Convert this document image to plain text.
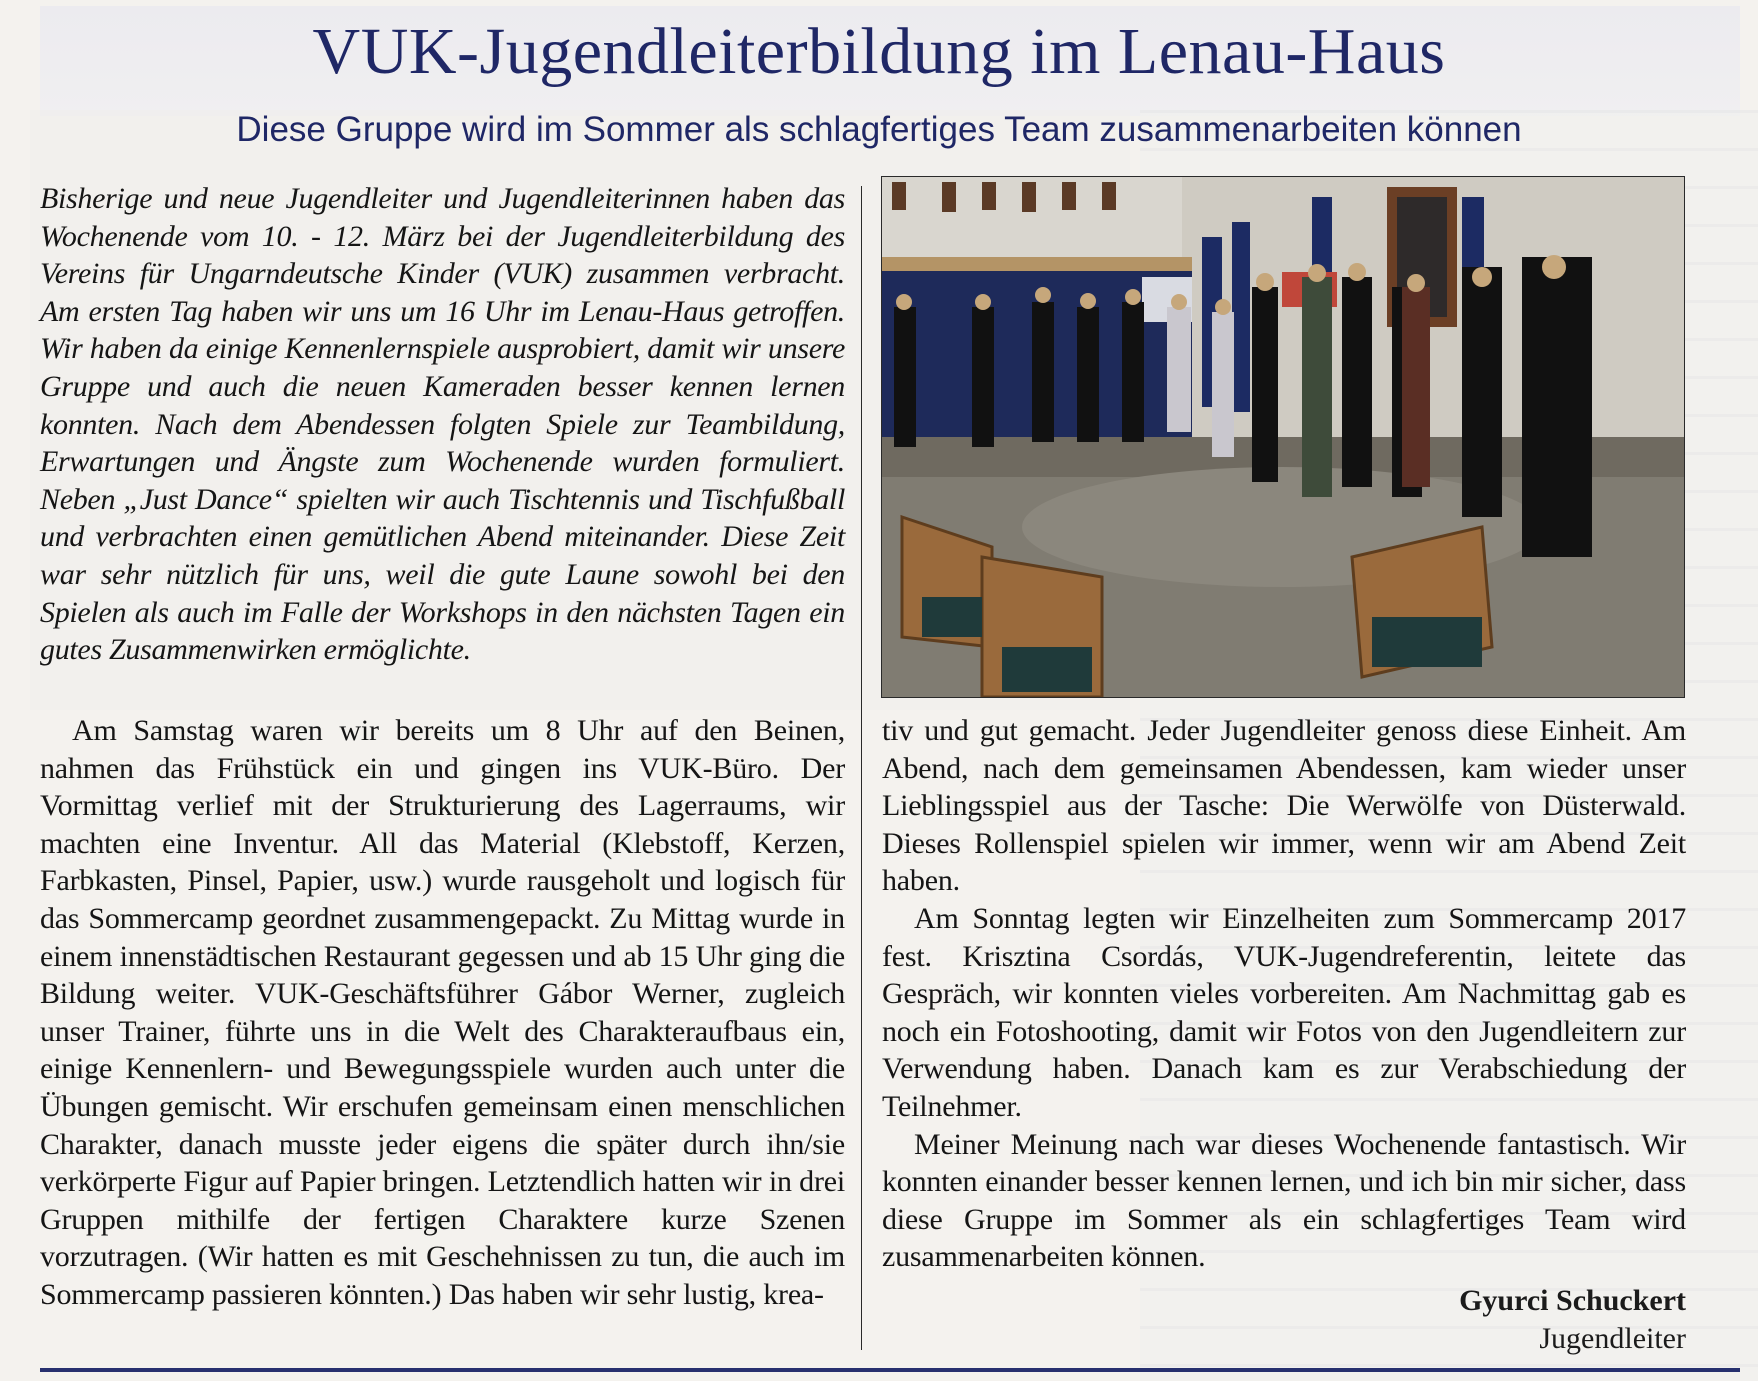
VUK-Jugendleiterbildung im Lenau-Haus
Diese Gruppe wird im Sommer als schlagfertiges Team zusammenarbeiten können

Bisherige und neue Jugendleiter und Jugendleiterinnen haben das Wochenende vom 10. - 12. März bei der Jugendleiterbildung des Vereins für Ungarndeutsche Kinder (VUK) zusammen verbracht. Am ersten Tag haben wir uns um 16 Uhr im Lenau-Haus getroffen. Wir haben da einige Kennenlernspiele ausprobiert, damit wir unsere Gruppe und auch die neuen Kameraden besser kennen lernen konnten. Nach dem Abendessen folgten Spiele zur Teambildung, Erwartungen und Ängste zum Wochenende wurden formuliert. Neben „Just Dance“ spielten wir auch Tischtennis und Tischfußball und verbrachten einen gemütlichen Abend miteinander. Diese Zeit war sehr nützlich für uns, weil die gute Laune sowohl bei den Spielen als auch im Falle der Workshops in den nächsten Tagen ein gutes Zusammenwirken ermöglichte.

Am Samstag waren wir bereits um 8 Uhr auf den Beinen, nahmen das Frühstück ein und gingen ins VUK-Büro. Der Vormittag verlief mit der Strukturierung des Lagerraums, wir machten eine Inventur. All das Material (Klebstoff, Kerzen, Farbkasten, Pinsel, Papier, usw.) wurde rausgeholt und logisch für das Sommercamp geordnet zusammengepackt. Zu Mittag wurde in einem innenstädtischen Restaurant gegessen und ab 15 Uhr ging die Bildung weiter. VUK-Geschäftsführer Gábor Werner, zugleich unser Trainer, führte uns in die Welt des Charakteraufbaus ein, einige Kennenlern- und Bewegungsspiele wurden auch unter die Übungen gemischt. Wir erschufen gemeinsam einen menschlichen Charakter, danach musste jeder eigens die später durch ihn/sie verkörperte Figur auf Papier bringen. Letztendlich hatten wir in drei Gruppen mithilfe der fertigen Charaktere kurze Szenen vorzutragen. (Wir hatten es mit Geschehnissen zu tun, die auch im Sommercamp passieren könnten.) Das haben wir sehr lustig, krea-

tiv und gut gemacht. Jeder Jugendleiter genoss diese Einheit. Am Abend, nach dem gemeinsamen Abendessen, kam wieder unser Lieblingsspiel aus der Tasche: Die Werwölfe von Düsterwald. Dieses Rollenspiel spielen wir immer, wenn wir am Abend Zeit haben.

Am Sonntag legten wir Einzelheiten zum Sommercamp 2017 fest. Krisztina Csordás, VUK-Jugendreferentin, leitete das Gespräch, wir konnten vieles vorbereiten. Am Nachmittag gab es noch ein Fotoshooting, damit wir Fotos von den Jugendleitern zur Verwendung haben. Danach kam es zur Verabschiedung der Teilnehmer.

Meiner Meinung nach war dieses Wochenende fantastisch. Wir konnten einander besser kennen lernen, und ich bin mir sicher, dass diese Gruppe im Sommer als ein schlagfertiges Team wird zusammenarbeiten können.

Gyurci Schuckert
Jugendleiter
